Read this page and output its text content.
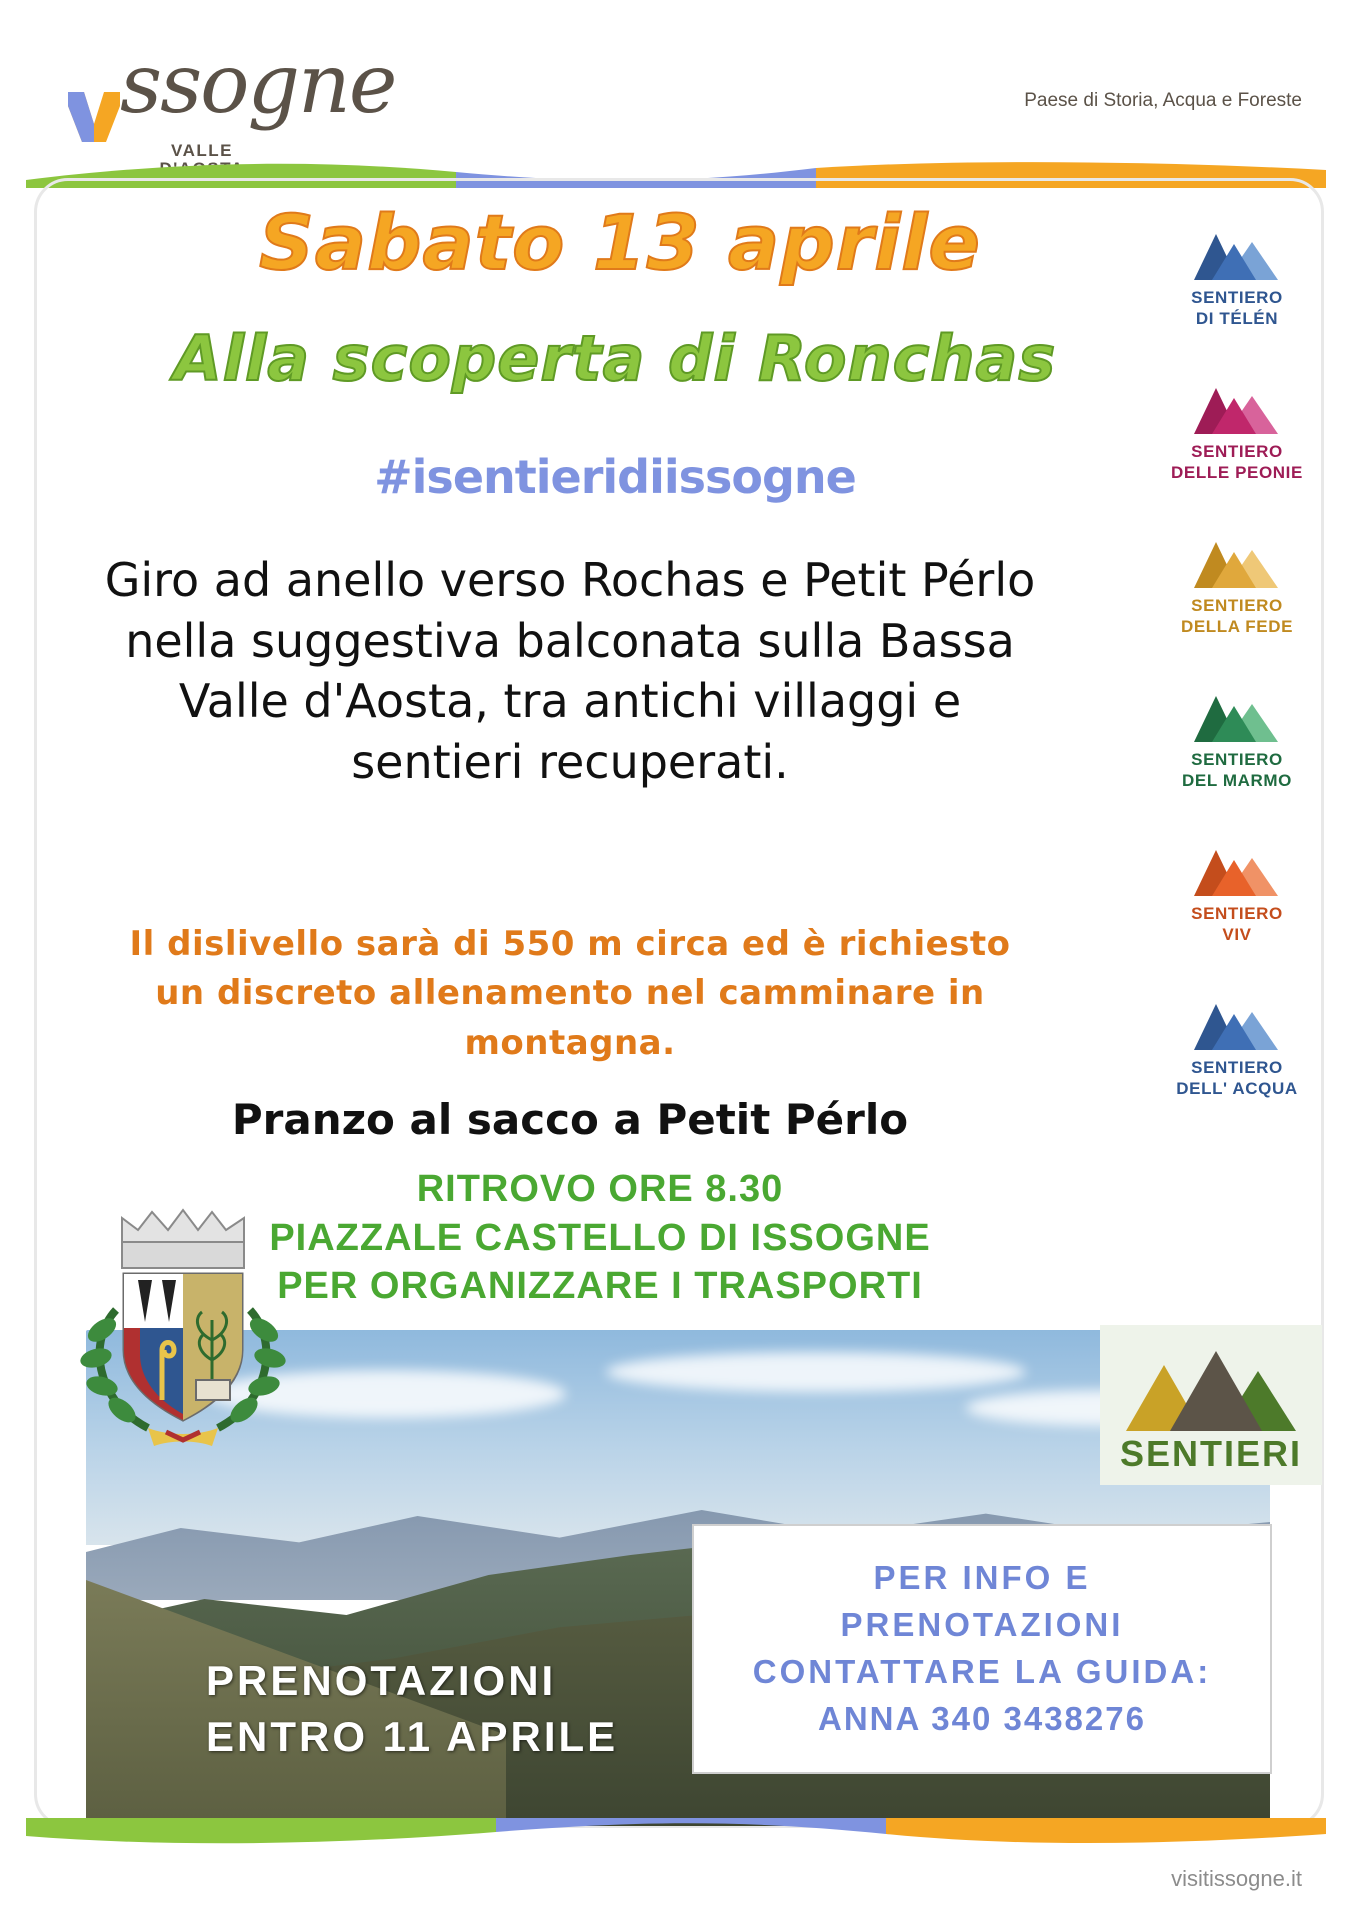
ssogne
VALLE
Paese di Storia, Acqua e Foreste
Sabato 13 aprile
Alla scoperta di Ronchas
#isentieridiissogne
Giro ad anello verso Rochas e Petit Pérlo nella suggestiva balconata sulla Bassa Valle d'Aosta, tra antichi villaggi e sentieri recuperati.
Il dislivello sarà di 550 m circa ed è richiesto un discreto allenamento nel camminare in montagna.
Pranzo al sacco a Petit Pérlo
RITROVO ORE 8.30
PIAZZALE CASTELLO DI ISSOGNE
PER ORGANIZZARE I TRASPORTI
SENTIERO
DI TÉLÉN
SENTIERO
DELLE PEONIE
SENTIERO
DELLA FEDE
SENTIERO
DEL MARMO
SENTIERO
VIV
SENTIERO
DELL' ACQUA
PRENOTAZIONI
ENTRO 11 APRILE
SENTIERI
PER INFO E
PRENOTAZIONI
CONTATTARE LA GUIDA:
ANNA 340 3438276
visitissogne.it
